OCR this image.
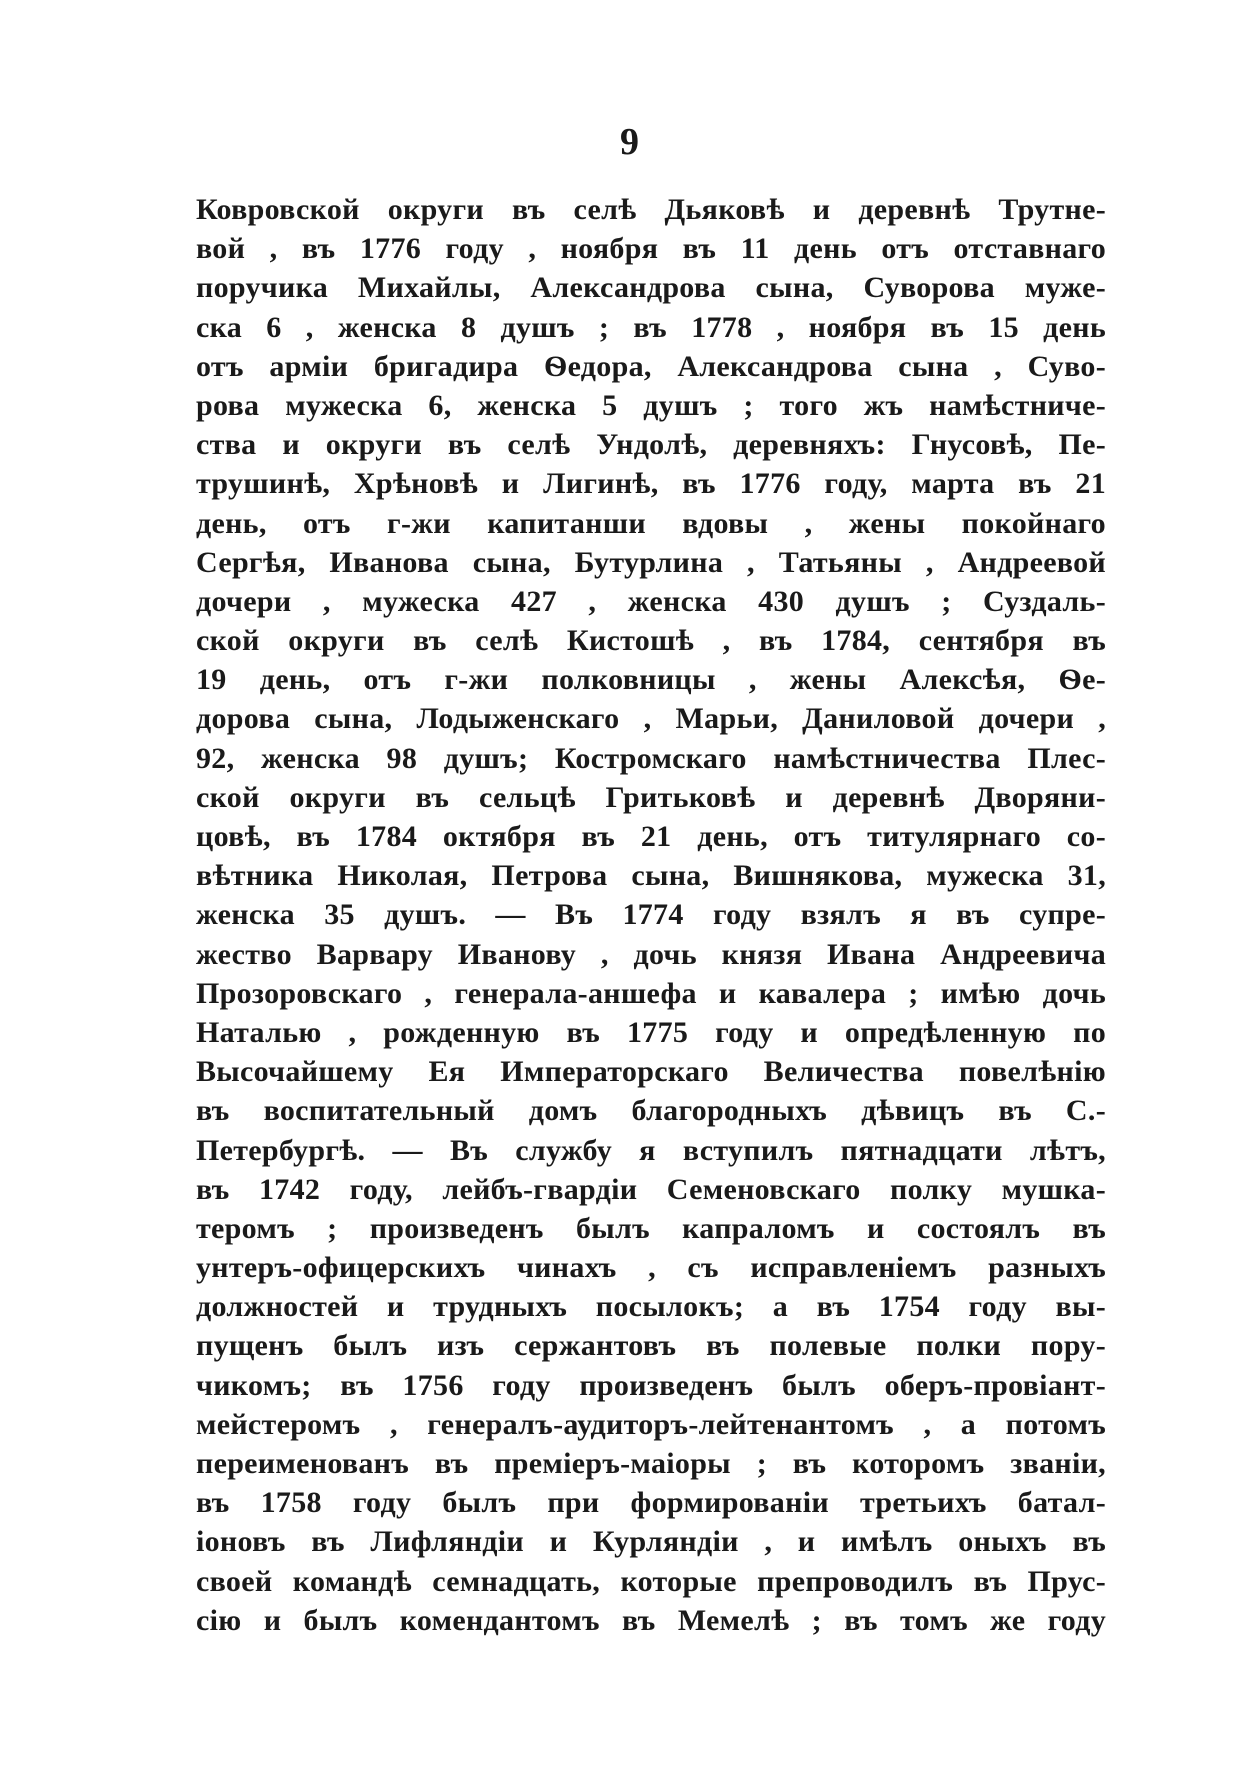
9
Ковровской округи въ селѣ Дьяковѣ и деревнѣ Трутне-
вой , въ 1776 году , ноября въ 11 день отъ отставнаго
поручика Михайлы, Александрова сына, Суворова муже-
ска 6 , женска 8 душъ ; въ 1778 , ноября въ 15 день
отъ арміи бригадира Ѳедора, Александрова сына , Суво-
рова мужеска 6, женска 5 душъ ; того жъ намѣстниче-
ства и округи въ селѣ Ундолѣ, деревняхъ: Гнусовѣ, Пе-
трушинѣ, Хрѣновѣ и Лигинѣ, въ 1776 году, марта въ 21
день, отъ г-жи капитанши вдовы , жены покойнаго
Сергѣя, Иванова сына, Бутурлина , Татьяны , Андреевой
дочери , мужеска 427 , женска 430 душъ ; Суздаль-
ской округи въ селѣ Кистошѣ , въ 1784, сентября въ
19 день, отъ г-жи полковницы , жены Алексѣя, Ѳе-
дорова сына, Лодыженскаго , Марьи, Даниловой дочери ,
92, женска 98 душъ; Костромскаго намѣстничества Плес-
ской округи въ сельцѣ Гритьковѣ и деревнѣ Дворяни-
цовѣ, въ 1784 октября въ 21 день, отъ титулярнаго со-
вѣтника Николая, Петрова сына, Вишнякова, мужеска 31,
женска 35 душъ. — Въ 1774 году взялъ я въ супре-
жество Варвару Иванову , дочь князя Ивана Андреевича
Прозоровскаго , генерала-аншефа и кавалера ; имѣю дочь
Наталью , рожденную въ 1775 году и опредѣленную по
Высочайшему Ея Императорскаго Величества повелѣнію
въ воспитательный домъ благородныхъ дѣвицъ въ С.-
Петербургѣ. — Въ службу я вступилъ пятнадцати лѣтъ,
въ 1742 году, лейбъ-гвардіи Семеновскаго полку мушка-
теромъ ; произведенъ былъ капраломъ и состоялъ въ
унтеръ-офицерскихъ чинахъ , съ исправленіемъ разныхъ
должностей и трудныхъ посылокъ; а въ 1754 году вы-
пущенъ былъ изъ сержантовъ въ полевые полки пору-
чикомъ; въ 1756 году произведенъ былъ оберъ-провіант-
мейстеромъ , генералъ-аудиторъ-лейтенантомъ , а потомъ
переименованъ въ преміеръ-маіоры ; въ которомъ званіи,
въ 1758 году былъ при формированіи третьихъ батал-
іоновъ въ Лифляндіи и Курляндіи , и имѣлъ оныхъ въ
своей командѣ семнадцать, которые препроводилъ въ Прус-
сію и былъ комендантомъ въ Мемелѣ ; въ томъ же году
